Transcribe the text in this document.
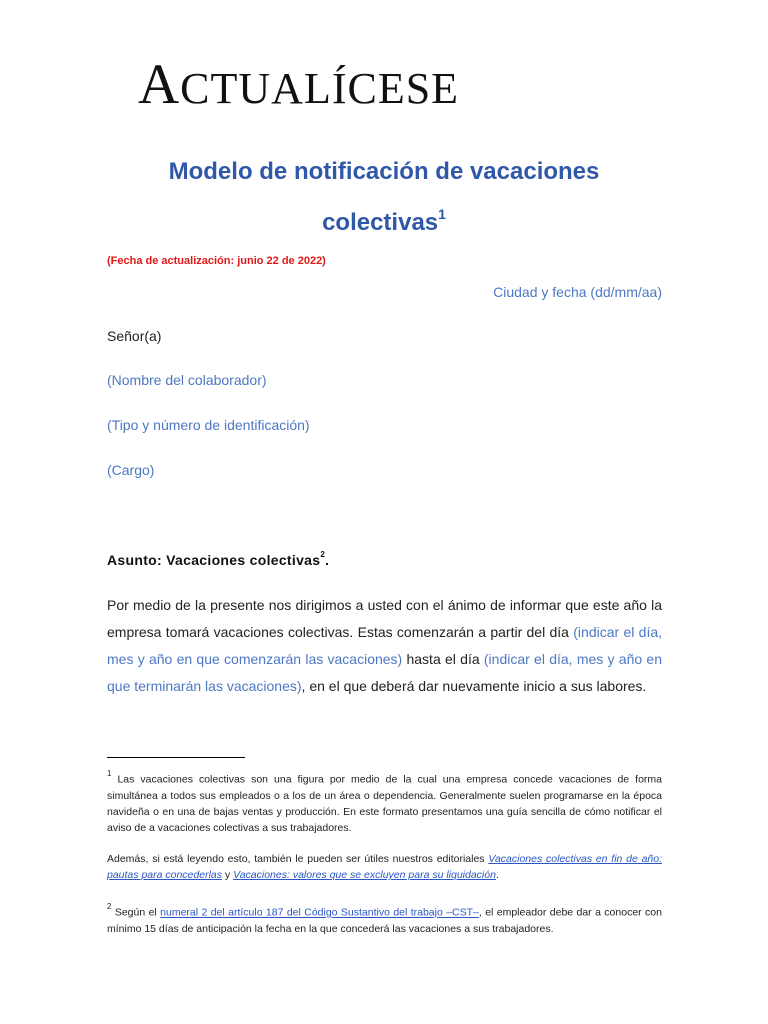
ACTUALÍCESE
Modelo de notificación de vacaciones
colectivas$^1$
(Fecha de actualización: junio 22 de 2022)
Ciudad y fecha (dd/mm/aa)
Señor(a)
(Nombre del colaborador)
(Tipo y número de identificación)
(Cargo)
Asunto: Vacaciones colectivas$^2$.
Por medio de la presente nos dirigimos a usted con el ánimo de informar que este año la empresa tomará vacaciones colectivas. Estas comenzarán a partir del día (indicar el día, mes y año en que comenzarán las vacaciones) hasta el día (indicar el día, mes y año en que terminarán las vacaciones), en el que deberá dar nuevamente inicio a sus labores.
$^1$ Las vacaciones colectivas son una figura por medio de la cual una empresa concede vacaciones de forma simultánea a todos sus empleados o a los de un área o dependencia. Generalmente suelen programarse en la época navideña o en una de bajas ventas y producción. En este formato presentamos una guía sencilla de cómo notificar el aviso de a vacaciones colectivas a sus trabajadores.
Además, si está leyendo esto, también le pueden ser útiles nuestros editoriales Vacaciones colectivas en fin de año: pautas para concederlas y Vacaciones: valores que se excluyen para su liquidación.
$^2$ Según el numeral 2 del artículo 187 del Código Sustantivo del trabajo –CST–, el empleador debe dar a conocer con mínimo 15 días de anticipación la fecha en la que concederá las vacaciones a sus trabajadores.
